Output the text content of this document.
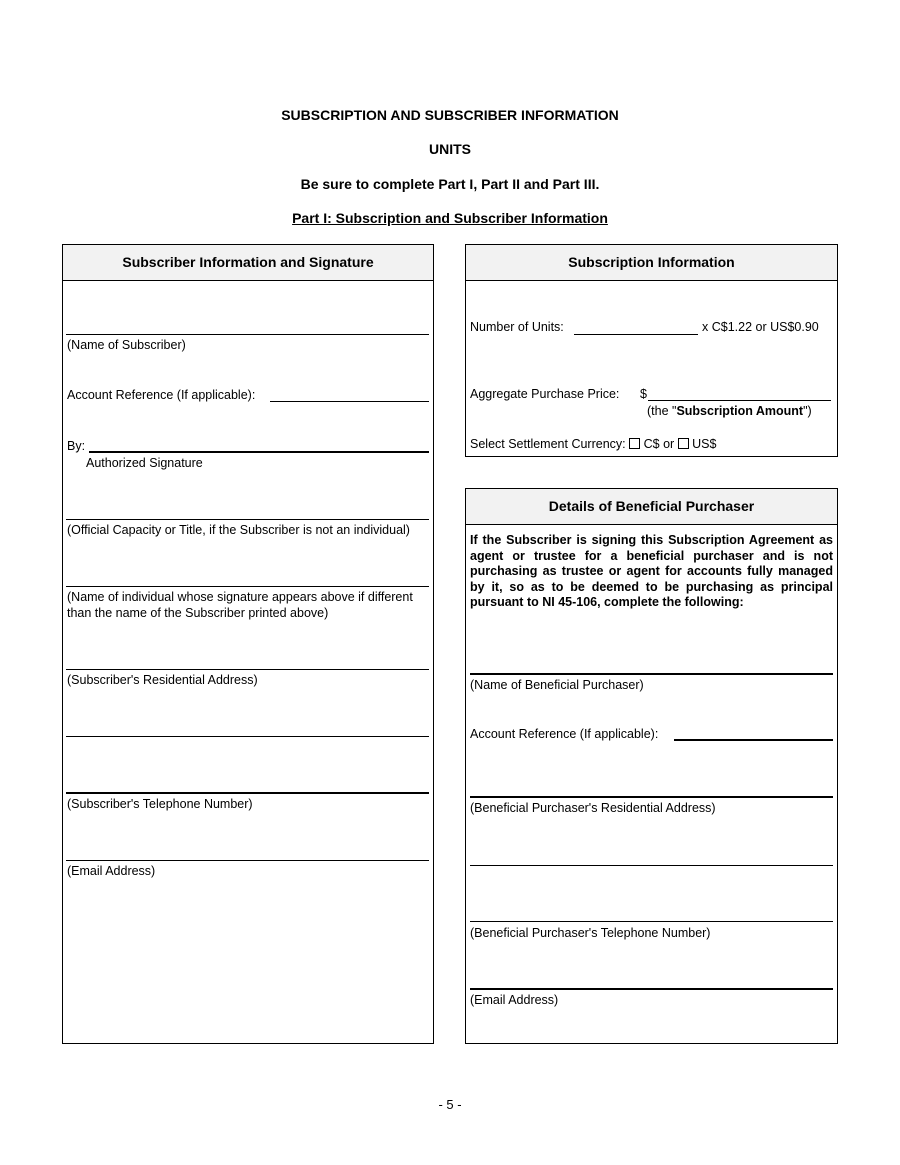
SUBSCRIPTION AND SUBSCRIBER INFORMATION
UNITS
Be sure to complete Part I, Part II and Part III.
Part I: Subscription and Subscriber Information
Subscriber Information and Signature
(Name of Subscriber)
Account Reference (If applicable):
By:
Authorized Signature
(Official Capacity or Title, if the Subscriber is not an individual)
(Name of individual whose signature appears above if different
than the name of the Subscriber printed above)
(Subscriber's Residential Address)
(Subscriber's Telephone Number)
(Email Address)
Subscription Information
Number of Units:	x C$1.22 or US$0.90
Aggregate Purchase Price: $
(the "Subscription Amount")
Select Settlement Currency: C$ or US$
Details of Beneficial Purchaser
If the Subscriber is signing this Subscription Agreement as agent or trustee for a beneficial purchaser and is not purchasing as trustee or agent for accounts fully managed by it, so as to be deemed to be purchasing as principal pursuant to NI 45-106, complete the following:
(Name of Beneficial Purchaser)
Account Reference (If applicable):
(Beneficial Purchaser's Residential Address)
(Beneficial Purchaser's Telephone Number)
(Email Address)
- 5 -
